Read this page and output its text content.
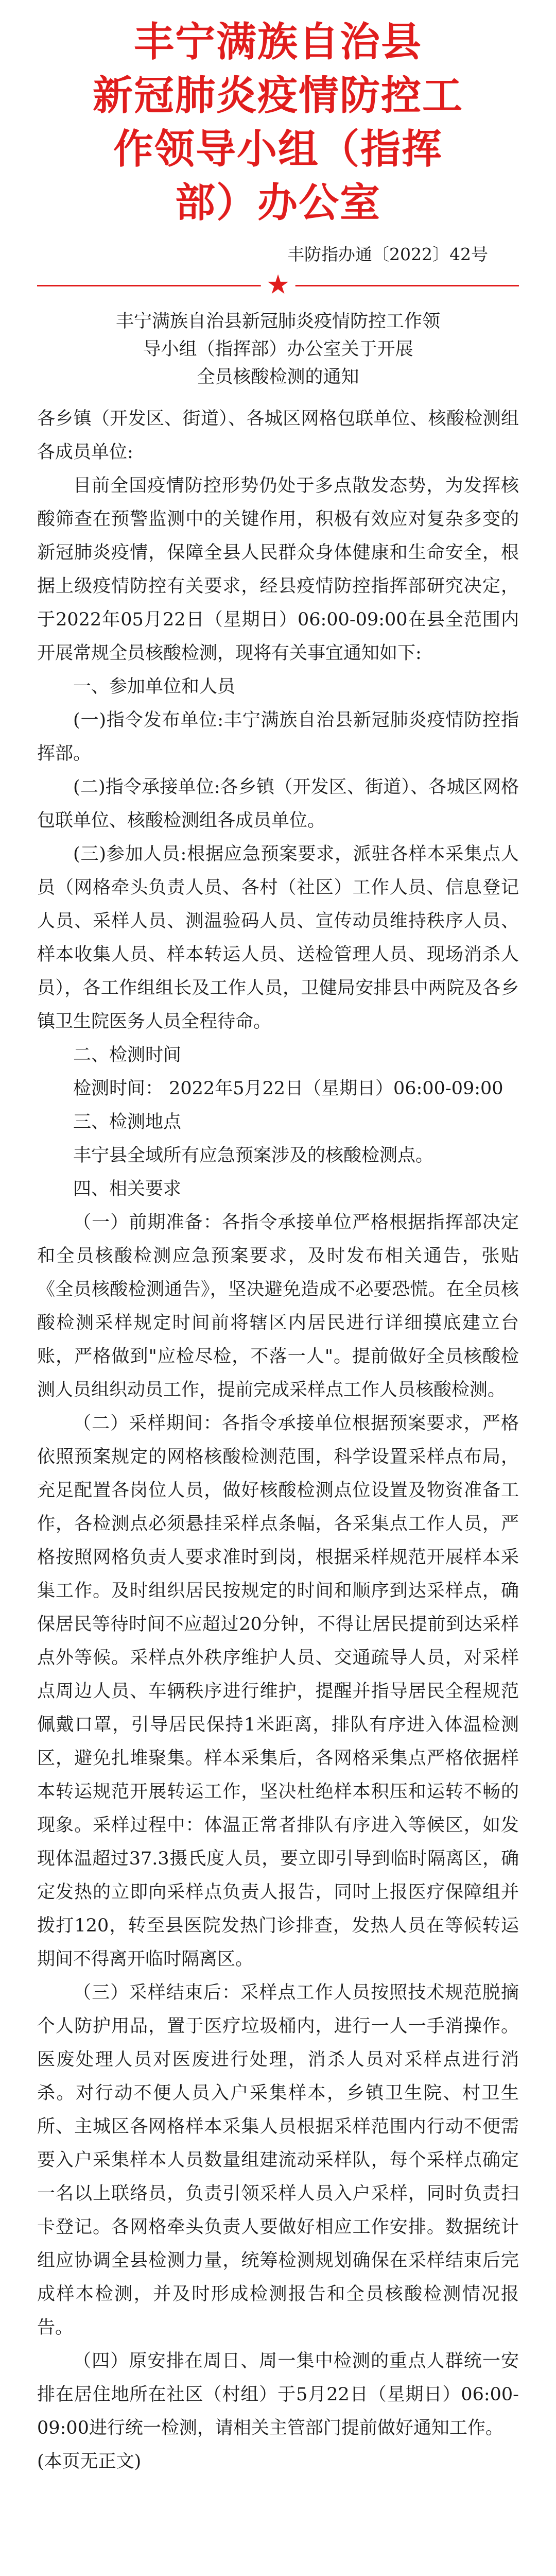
丰宁满族自治县
新冠肺炎疫情防控工
作领导小组（指挥
部）办公室
丰防指办通〔2022〕42号
★
丰宁满族自治县新冠肺炎疫情防控工作领
导小组（指挥部）办公室关于开展
全员核酸检测的通知

各乡镇（开发区、街道）、各城区网格包联单位、核酸检测组各成员单位:

目前全国疫情防控形势仍处于多点散发态势，为发挥核酸筛查在预警监测中的关键作用，积极有效应对复杂多变的新冠肺炎疫情，保障全县人民群众身体健康和生命安全，根据上级疫情防控有关要求，经县疫情防控指挥部研究决定，于2022年05月22日（星期日）06:00-09:00在县全范围内开展常规全员核酸检测，现将有关事宜通知如下:

一、参加单位和人员

(一)指令发布单位:丰宁满族自治县新冠肺炎疫情防控指挥部。

(二)指令承接单位:各乡镇（开发区、街道）、各城区网格包联单位、核酸检测组各成员单位。

(三)参加人员:根据应急预案要求，派驻各样本采集点人员（网格牵头负责人员、各村（社区）工作人员、信息登记人员、采样人员、测温验码人员、宣传动员维持秩序人员、样本收集人员、样本转运人员、送检管理人员、现场消杀人员），各工作组组长及工作人员，卫健局安排县中两院及各乡镇卫生院医务人员全程待命。

二、检测时间

检测时间： 2022年5月22日（星期日）06:00-09:00

三、检测地点

丰宁县全域所有应急预案涉及的核酸检测点。

四、相关要求

（一）前期准备：各指令承接单位严格根据指挥部决定和全员核酸检测应急预案要求，及时发布相关通告，张贴《全员核酸检测通告》，坚决避免造成不必要恐慌。在全员核酸检测采样规定时间前将辖区内居民进行详细摸底建立台账，严格做到"应检尽检，不落一人"。提前做好全员核酸检测人员组织动员工作，提前完成采样点工作人员核酸检测。

（二）采样期间：各指令承接单位根据预案要求，严格依照预案规定的网格核酸检测范围，科学设置采样点布局，充足配置各岗位人员，做好核酸检测点位设置及物资准备工作，各检测点必须悬挂采样点条幅，各采集点工作人员，严格按照网格负责人要求准时到岗，根据采样规范开展样本采集工作。及时组织居民按规定的时间和顺序到达采样点，确保居民等待时间不应超过20分钟，不得让居民提前到达采样点外等候。采样点外秩序维护人员、交通疏导人员，对采样点周边人员、车辆秩序进行维护，提醒并指导居民全程规范佩戴口罩，引导居民保持1米距离，排队有序进入体温检测区，避免扎堆聚集。样本采集后，各网格采集点严格依据样本转运规范开展转运工作，坚决杜绝样本积压和运转不畅的现象。采样过程中：体温正常者排队有序进入等候区，如发现体温超过37.3摄氏度人员，要立即引导到临时隔离区，确定发热的立即向采样点负责人报告，同时上报医疗保障组并拨打120，转至县医院发热门诊排查，发热人员在等候转运期间不得离开临时隔离区。

（三）采样结束后：采样点工作人员按照技术规范脱摘个人防护用品，置于医疗垃圾桶内，进行一人一手消操作。医废处理人员对医废进行处理，消杀人员对采样点进行消杀。对行动不便人员入户采集样本，乡镇卫生院、村卫生所、主城区各网格样本采集人员根据采样范围内行动不便需要入户采集样本人员数量组建流动采样队，每个采样点确定一名以上联络员，负责引领采样人员入户采样，同时负责扫卡登记。各网格牵头负责人要做好相应工作安排。数据统计组应协调全县检测力量，统筹检测规划确保在采样结束后完成样本检测，并及时形成检测报告和全员核酸检测情况报告。

（四）原安排在周日、周一集中检测的重点人群统一安排在居住地所在社区（村组）于5月22日（星期日）06:00-09:00进行统一检测，请相关主管部门提前做好通知工作。

(本页无正文)
